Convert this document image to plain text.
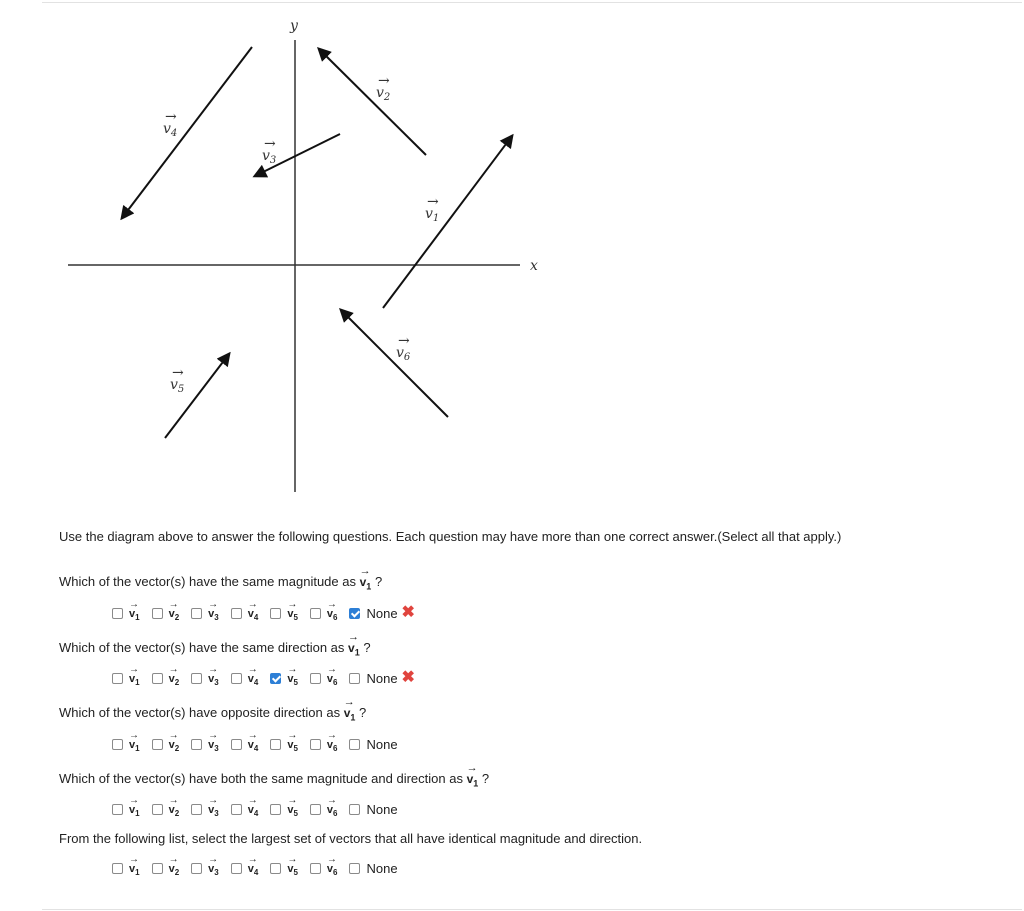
x
y
$v_4$
→
$v_2$
→
$v_3$
→
$v_1$
→
$v_6$
→
$v_5$
→
Use the diagram above to answer the following questions. Each question may have more than one correct answer.(Select all that apply.)
Which of the vector(s) have the same magnitude as
→
$v_1$ ?
→
$v_1$
→
$v_2$
→
$v_3$
→
$v_4$
→
$v_5$
→
$v_6$ None ✖
Which of the vector(s) have the same direction as
→
$v_1$ ?
→
$v_1$
→
$v_2$
→
$v_3$
→
$v_4$
→
$v_5$
→
$v_6$ None ✖
Which of the vector(s) have opposite direction as
→
$v_1$ ?
→
$v_1$
→
$v_2$
→
$v_3$
→
$v_4$
→
$v_5$
→
$v_6$ None
Which of the vector(s) have both the same magnitude and direction as
→
$v_1$ ?
→
$v_1$
→
$v_2$
→
$v_3$
→
$v_4$
→
$v_5$
→
$v_6$ None
From the following list, select the largest set of vectors that all have identical magnitude and direction.
→
$v_1$
→
$v_2$
→
$v_3$
→
$v_4$
→
$v_5$
→
$v_6$ None
